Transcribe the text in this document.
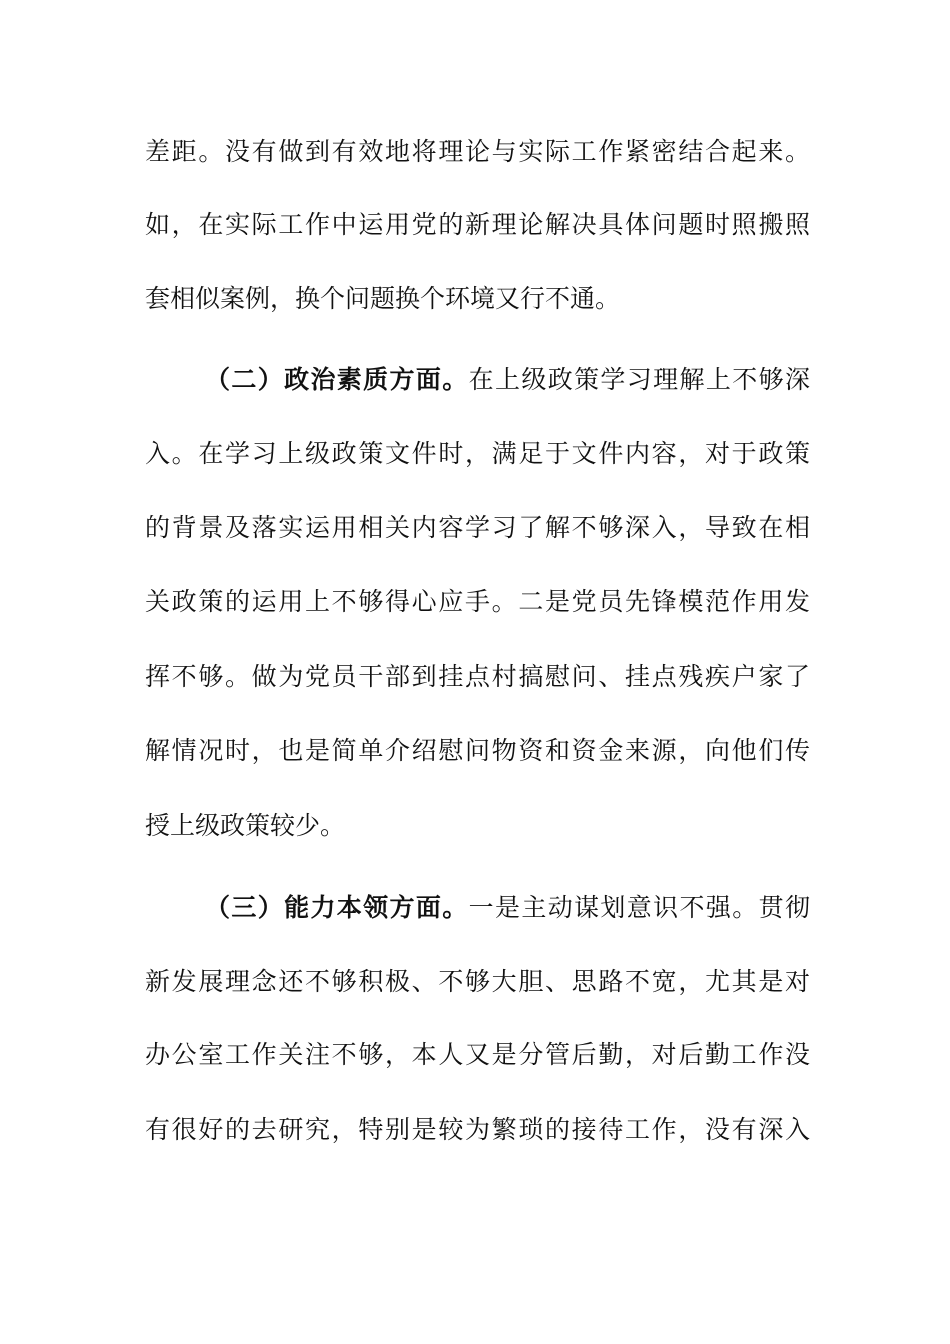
差距。没有做到有效地将理论与实际工作紧密结合起来。
如，在实际工作中运用党的新理论解决具体问题时照搬照
套相似案例，换个问题换个环境又行不通。
（二）政治素质方面。在上级政策学习理解上不够深
入。在学习上级政策文件时，满足于文件内容，对于政策
的背景及落实运用相关内容学习了解不够深入，导致在相
关政策的运用上不够得心应手。二是党员先锋模范作用发
挥不够。做为党员干部到挂点村搞慰问、挂点残疾户家了
解情况时，也是简单介绍慰问物资和资金来源，向他们传
授上级政策较少。
（三）能力本领方面。一是主动谋划意识不强。贯彻
新发展理念还不够积极、不够大胆、思路不宽，尤其是对
办公室工作关注不够，本人又是分管后勤，对后勤工作没
有很好的去研究，特别是较为繁琐的接待工作，没有深入
